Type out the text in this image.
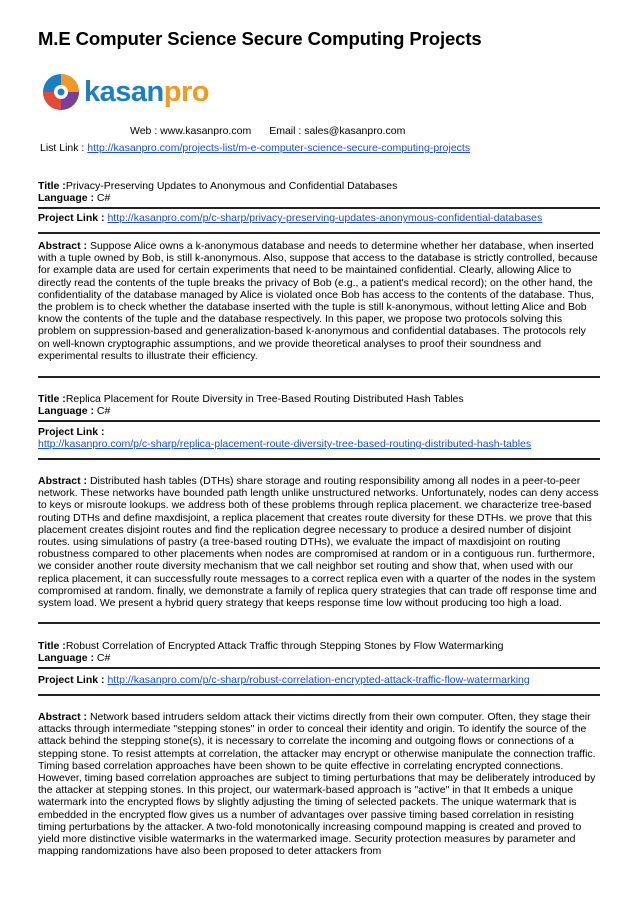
M.E Computer Science Secure Computing Projects
kasanpro
Web : www.kasanpro.com Email : sales@kasanpro.com
List Link : http://kasanpro.com/projects-list/m-e-computer-science-secure-computing-projects
Title :Privacy-Preserving Updates to Anonymous and Confidential Databases
Language : C#
Project Link : http://kasanpro.com/p/c-sharp/privacy-preserving-updates-anonymous-confidential-databases
Abstract : Suppose Alice owns a k-anonymous database and needs to determine whether her database, when inserted with a tuple owned by Bob, is still k-anonymous. Also, suppose that access to the database is strictly controlled, because for example data are used for certain experiments that need to be maintained confidential. Clearly, allowing Alice to directly read the contents of the tuple breaks the privacy of Bob (e.g., a patient's medical record); on the other hand, the confidentiality of the database managed by Alice is violated once Bob has access to the contents of the database. Thus, the problem is to check whether the database inserted with the tuple is still k-anonymous, without letting Alice and Bob know the contents of the tuple and the database respectively. In this paper, we propose two protocols solving this problem on suppression-based and generalization-based k-anonymous and confidential databases. The protocols rely on well-known cryptographic assumptions, and we provide theoretical analyses to proof their soundness and experimental results to illustrate their efficiency.
Title :Replica Placement for Route Diversity in Tree-Based Routing Distributed Hash Tables
Language : C#
Project Link :
http://kasanpro.com/p/c-sharp/replica-placement-route-diversity-tree-based-routing-distributed-hash-tables
Abstract : Distributed hash tables (DTHs) share storage and routing responsibility among all nodes in a peer-to-peer network. These networks have bounded path length unlike unstructured networks. Unfortunately, nodes can deny access to keys or misroute lookups. we address both of these problems through replica placement. we characterize tree-based routing DTHs and define maxdisjoint, a replica placement that creates route diversity for these DTHs. we prove that this placement creates disjoint routes and find the replication degree necessary to produce a desired number of disjoint routes. using simulations of pastry (a tree-based routing DTHs), we evaluate the impact of maxdisjoint on routing robustness compared to other placements when nodes are compromised at random or in a contiguous run. furthermore, we consider another route diversity mechanism that we call neighbor set routing and show that, when used with our replica placement, it can successfully route messages to a correct replica even with a quarter of the nodes in the system compromised at random. finally, we demonstrate a family of replica query strategies that can trade off response time and system load. We present a hybrid query strategy that keeps response time low without producing too high a load.
Title :Robust Correlation of Encrypted Attack Traffic through Stepping Stones by Flow Watermarking
Language : C#
Project Link : http://kasanpro.com/p/c-sharp/robust-correlation-encrypted-attack-traffic-flow-watermarking
Abstract : Network based intruders seldom attack their victims directly from their own computer. Often, they stage their attacks through intermediate "stepping stones" in order to conceal their identity and origin. To identify the source of the attack behind the stepping stone(s), it is necessary to correlate the incoming and outgoing flows or connections of a stepping stone. To resist attempts at correlation, the attacker may encrypt or otherwise manipulate the connection traffic. Timing based correlation approaches have been shown to be quite effective in correlating encrypted connections. However, timing based correlation approaches are subject to timing perturbations that may be deliberately introduced by the attacker at stepping stones. In this project, our watermark-based approach is "active" in that It embeds a unique watermark into the encrypted flows by slightly adjusting the timing of selected packets. The unique watermark that is embedded in the encrypted flow gives us a number of advantages over passive timing based correlation in resisting timing perturbations by the attacker. A two-fold monotonically increasing compound mapping is created and proved to yield more distinctive visible watermarks in the watermarked image. Security protection measures by parameter and mapping randomizations have also been proposed to deter attackers from
